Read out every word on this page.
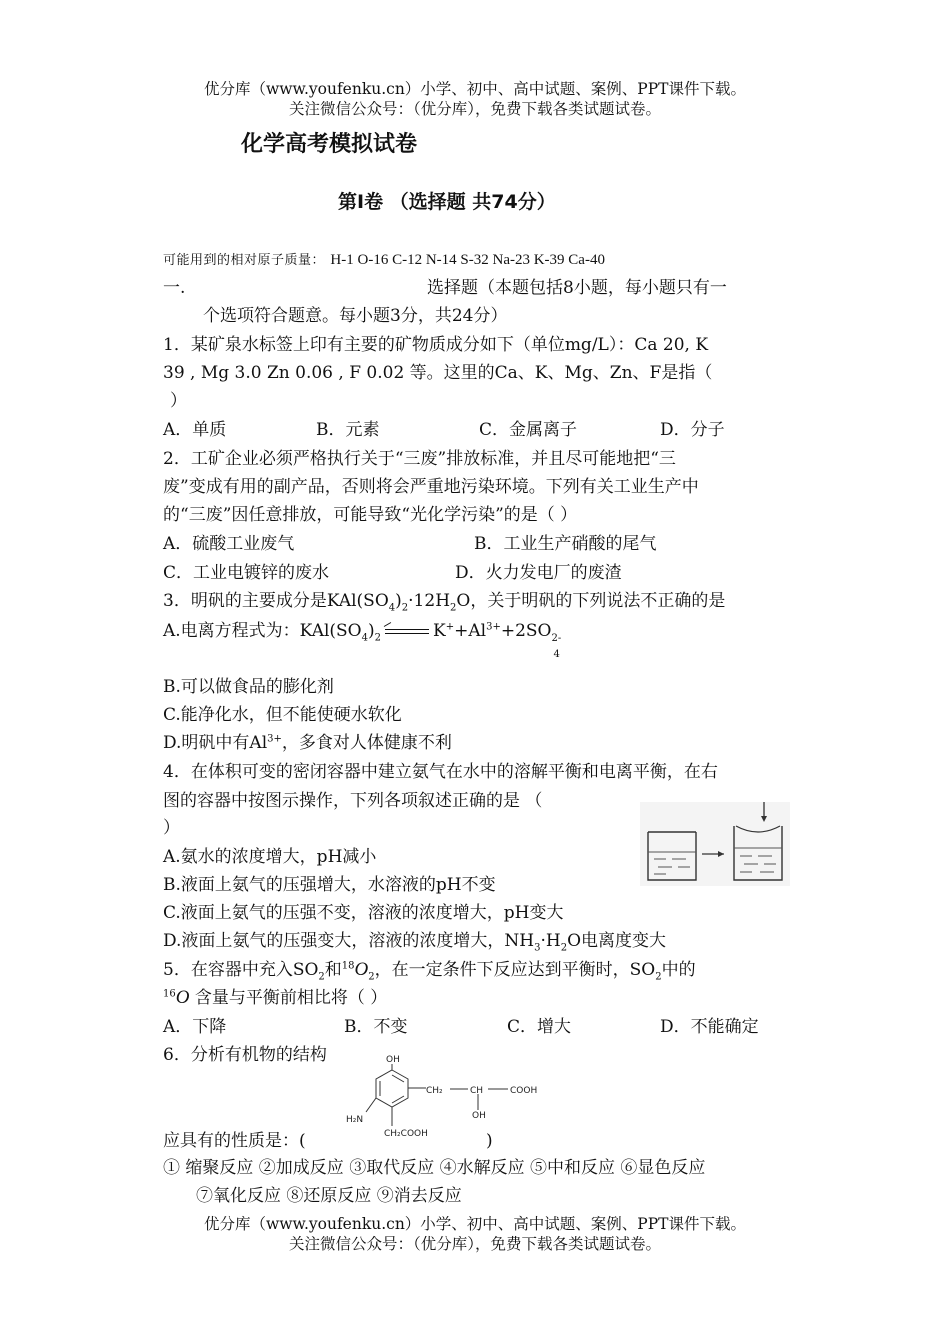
优分库（www.youfenku.cn）小学、初中、高中试题、案例、PPT课件下载。
关注微信公众号：（优分库），免费下载各类试题试卷。
化学高考模拟试卷
第Ⅰ卷 （选择题 共74分）
可能用到的相对原子质量： H-1 O-16 C-12 N-14 S-32 Na-23 K-39 Ca-40
一.	选择题（本题包括8小题，每小题只有一
个选项符合题意。每小题3分，共24分）
1．某矿泉水标签上印有主要的矿物质成分如下（单位mg/L）：Ca 20, K
39 , Mg 3.0 Zn 0.06 , F 0.02 等。这里的Ca、K、Mg、Zn、F是指（
）
A．单质	B．元素	C．金属离子	D．分子
2．工矿企业必须严格执行关于“三废”排放标准，并且尽可能地把“三
废”变成有用的副产品，否则将会严重地污染环境。下列有关工业生产中
的“三废”因任意排放，可能导致“光化学污染”的是（ ）
A．硫酸工业废气	B．工业生产硝酸的尾气
C．工业电镀锌的废水	D．火力发电厂的废渣
3．明矾的主要成分是$KAl(SO_4)_2\cdot 12H_2O$，关于明矾的下列说法不正确的是
A.电离方程式为：$KAl(SO_4)_2$	$K^++Al^{3+}+2SO$ 2-
4
B.可以做食品的膨化剂
C.能净化水，但不能使硬水软化
D.明矾中有$Al^{3+}$，多食对人体健康不利
4．在体积可变的密闭容器中建立氨气在水中的溶解平衡和电离平衡，在右
图的容器中按图示操作，下列各项叙述正确的是 （
）
A.氨水的浓度增大，pH减小
B.液面上氨气的压强增大，水溶液的pH不变
C.液面上氨气的压强不变，溶液的浓度增大，pH变大
D.液面上氨气的压强变大，溶液的浓度增大，$NH_3\cdot H_2O$电离度变大
5．在容器中充入$SO_2$和$^{18}O_2$，在一定条件下反应达到平衡时，$SO_2$中的
$^{16}$O 含量与平衡前相比将（ ）
A．下降	B．不变	C．增大	D．不能确定
6．分析有机物的结构	OH
CH₂	CH	COOH
H₂N	OH
CH₂COOH
应具有的性质是：(	)
① 缩聚反应 ②加成反应 ③取代反应 ④水解反应 ⑤中和反应 ⑥显色反应
⑦氧化反应 ⑧还原反应 ⑨消去反应
优分库（www.youfenku.cn）小学、初中、高中试题、案例、PPT课件下载。
关注微信公众号：（优分库），免费下载各类试题试卷。
